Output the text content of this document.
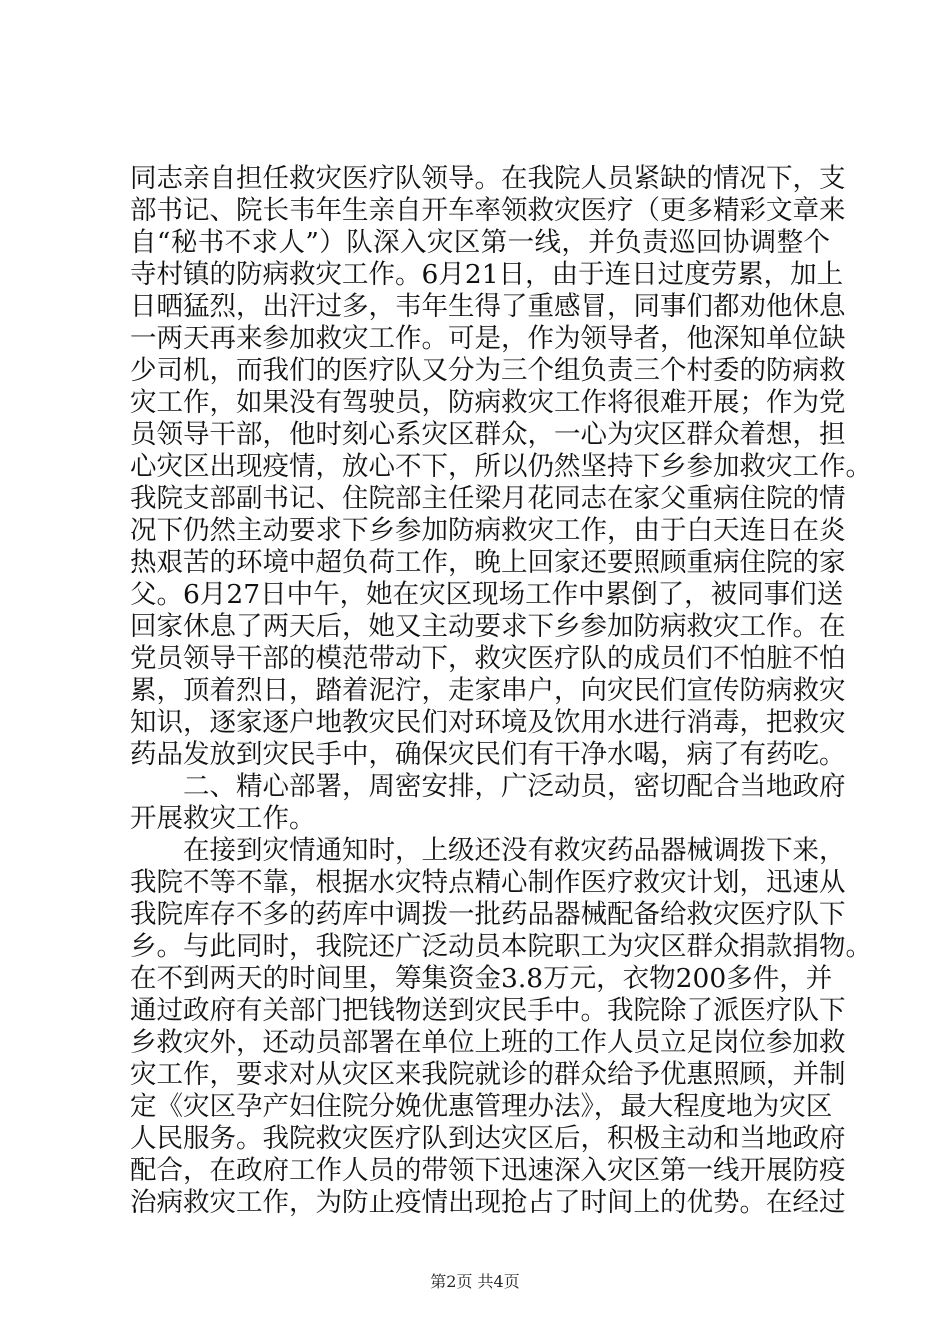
同志亲自担任救灾医疗队领导。在我院人员紧缺的情况下，支
部书记、院长韦年生亲自开车率领救灾医疗（更多精彩文章来
自“秘书不求人”）队深入灾区第一线，并负责巡回协调整个
寺村镇的防病救灾工作。6月21日，由于连日过度劳累，加上
日晒猛烈，出汗过多，韦年生得了重感冒，同事们都劝他休息
一两天再来参加救灾工作。可是，作为领导者，他深知单位缺
少司机，而我们的医疗队又分为三个组负责三个村委的防病救
灾工作，如果没有驾驶员，防病救灾工作将很难开展；作为党
员领导干部，他时刻心系灾区群众，一心为灾区群众着想，担
心灾区出现疫情，放心不下，所以仍然坚持下乡参加救灾工作。
我院支部副书记、住院部主任梁月花同志在家父重病住院的情
况下仍然主动要求下乡参加防病救灾工作，由于白天连日在炎
热艰苦的环境中超负荷工作，晚上回家还要照顾重病住院的家
父。6月27日中午，她在灾区现场工作中累倒了，被同事们送
回家休息了两天后，她又主动要求下乡参加防病救灾工作。在
党员领导干部的模范带动下，救灾医疗队的成员们不怕脏不怕
累，顶着烈日，踏着泥泞，走家串户，向灾民们宣传防病救灾
知识，逐家逐户地教灾民们对环境及饮用水进行消毒，把救灾
药品发放到灾民手中，确保灾民们有干净水喝，病了有药吃。
二、精心部署，周密安排，广泛动员，密切配合当地政府
开展救灾工作。
在接到灾情通知时，上级还没有救灾药品器械调拨下来，
我院不等不靠，根据水灾特点精心制作医疗救灾计划，迅速从
我院库存不多的药库中调拨一批药品器械配备给救灾医疗队下
乡。与此同时，我院还广泛动员本院职工为灾区群众捐款捐物。
在不到两天的时间里，筹集资金3.8万元，衣物200多件，并
通过政府有关部门把钱物送到灾民手中。我院除了派医疗队下
乡救灾外，还动员部署在单位上班的工作人员立足岗位参加救
灾工作，要求对从灾区来我院就诊的群众给予优惠照顾，并制
定《灾区孕产妇住院分娩优惠管理办法》，最大程度地为灾区
人民服务。我院救灾医疗队到达灾区后，积极主动和当地政府
配合，在政府工作人员的带领下迅速深入灾区第一线开展防疫
治病救灾工作，为防止疫情出现抢占了时间上的优势。在经过
第2页 共4页
